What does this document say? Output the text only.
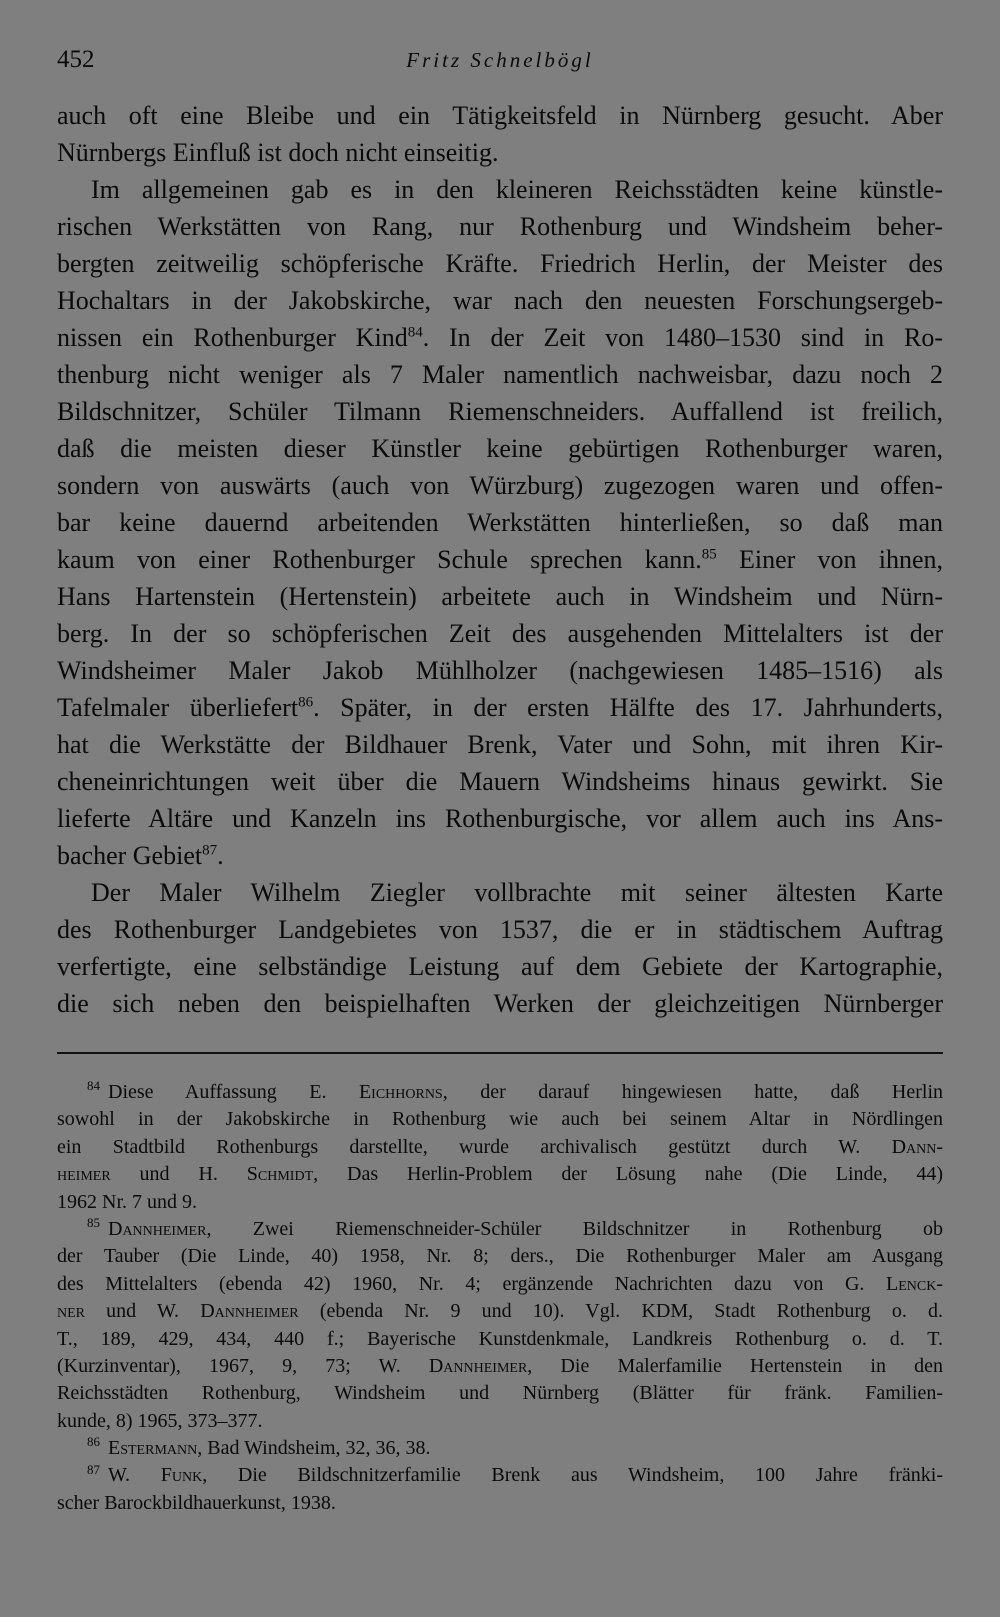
452	Fritz Schnelbögl
auch oft eine Bleibe und ein Tätigkeitsfeld in Nürnberg gesucht. Aber
Nürnbergs Einfluß ist doch nicht einseitig.
Im allgemeinen gab es in den kleineren Reichsstädten keine künstle-
rischen Werkstätten von Rang, nur Rothenburg und Windsheim beher-
bergten zeitweilig schöpferische Kräfte. Friedrich Herlin, der Meister des
Hochaltars in der Jakobskirche, war nach den neuesten Forschungsergeb-
nissen ein Rothenburger Kind$^{84}$. In der Zeit von 1480–1530 sind in Ro-
thenburg nicht weniger als 7 Maler namentlich nachweisbar, dazu noch 2
Bildschnitzer, Schüler Tilmann Riemenschneiders. Auffallend ist freilich,
daß die meisten dieser Künstler keine gebürtigen Rothenburger waren,
sondern von auswärts (auch von Würzburg) zugezogen waren und offen-
bar keine dauernd arbeitenden Werkstätten hinterließen, so daß man
kaum von einer Rothenburger Schule sprechen kann.$^{85}$ Einer von ihnen,
Hans Hartenstein (Hertenstein) arbeitete auch in Windsheim und Nürn-
berg. In der so schöpferischen Zeit des ausgehenden Mittelalters ist der
Windsheimer Maler Jakob Mühlholzer (nachgewiesen 1485–1516) als
Tafelmaler überliefert$^{86}$. Später, in der ersten Hälfte des 17. Jahrhunderts,
hat die Werkstätte der Bildhauer Brenk, Vater und Sohn, mit ihren Kir-
cheneinrichtungen weit über die Mauern Windsheims hinaus gewirkt. Sie
lieferte Altäre und Kanzeln ins Rothenburgische, vor allem auch ins Ans-
bacher Gebiet$^{87}$.
Der Maler Wilhelm Ziegler vollbrachte mit seiner ältesten Karte
des Rothenburger Landgebietes von 1537, die er in städtischem Auftrag
verfertigte, eine selbständige Leistung auf dem Gebiete der Kartographie,
die sich neben den beispielhaften Werken der gleichzeitigen Nürnberger
$^{84}$ Diese Auffassung E. Eichhorns, der darauf hingewiesen hatte, daß Herlin
sowohl in der Jakobskirche in Rothenburg wie auch bei seinem Altar in Nördlingen
ein Stadtbild Rothenburgs darstellte, wurde archivalisch gestützt durch W. Dann-
heimer und H. Schmidt, Das Herlin-Problem der Lösung nahe (Die Linde, 44)
1962 Nr. 7 und 9.
$^{85}$ Dannheimer, Zwei Riemenschneider-Schüler Bildschnitzer in Rothenburg ob
der Tauber (Die Linde, 40) 1958, Nr. 8; ders., Die Rothenburger Maler am Ausgang
des Mittelalters (ebenda 42) 1960, Nr. 4; ergänzende Nachrichten dazu von G. Lenck-
ner und W. Dannheimer (ebenda Nr. 9 und 10). Vgl. KDM, Stadt Rothenburg o. d.
T., 189, 429, 434, 440 f.; Bayerische Kunstdenkmale, Landkreis Rothenburg o. d. T.
(Kurzinventar), 1967, 9, 73; W. Dannheimer, Die Malerfamilie Hertenstein in den
Reichsstädten Rothenburg, Windsheim und Nürnberg (Blätter für fränk. Familien-
kunde, 8) 1965, 373–377.
$^{86}$ Estermann, Bad Windsheim, 32, 36, 38.
$^{87}$ W. Funk, Die Bildschnitzerfamilie Brenk aus Windsheim, 100 Jahre fränki-
scher Barockbildhauerkunst, 1938.
